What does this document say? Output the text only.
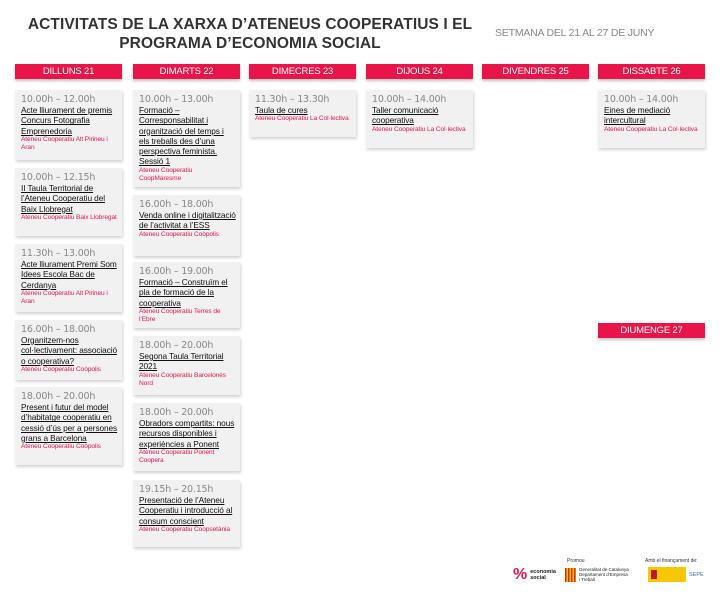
ACTIVITATS DE LA XARXA D’ATENEUS COOPERATIUS I EL
PROGRAMA D’ECONOMIA SOCIAL
SETMANA DEL 21 AL 27 DE JUNY
DILLUNS 21	DIMARTS 22	DIMECRES 23	DIJOUS 24	DIVENDRES 25	DISSABTE 26
DIUMENGE 27
10.00h – 12.00h
Acte lliurament de premis Concurs Fotografia Emprenedoria
Ateneu Cooperatiu Alt Pirineu i Aran
10.00h – 12.15h
II Taula Territorial de l’Ateneu Cooperatiu del Baix Llobregat
Ateneu Cooperatiu Baix Llobregat
11.30h – 13.00h
Acte lliurament Premi Som Idees Escola Bac de Cerdanya
Ateneu Cooperatiu Alt Pirineu i Aran
16.00h – 18.00h
Organitzem-nos col·lectivament: associació o cooperativa?
Ateneu Cooperatiu Coòpolis
18.00h – 20.00h
Present i futur del model d’habitatge cooperatiu en cessió d’ús per a persones grans a Barcelona
Ateneu Cooperatiu Coòpolis
10.00h – 13.00h
Formació – Corresponsabilitat i organització del temps i els treballs des d’una perspectiva feminista. Sessió 1
Ateneu Cooperatiu CoopMaresme
16.00h – 18.00h
Venda online i digitalització de l’activitat a l’ESS
Ateneu Cooperatiu Coòpolis
16.00h – 19.00h
Formació – Construïm el pla de formació de la cooperativa
Ateneu Cooperatiu Terres de l’Ebre
18.00h – 20.00h
Segona Taula Territorial 2021
Ateneu Cooperatiu Barcelonès Nord
18.00h – 20.00h
Obradors compartits: nous recursos disponibles i experiències a Ponent
Ateneu Cooperatiu Ponent Coopera
19.15h – 20.15h
Presentació de l’Ateneu Cooperatiu i introducció al consum conscient
Ateneu Cooperatiu Coopsetània
11.30h – 13.30h
Taula de cures
Ateneu Cooperatiu La Col·lectiva
10.00h – 14.00h
Taller comunicació cooperativa
Ateneu Cooperatiu La Col·lectiva
10.00h – 14.00h
Eines de mediació intercultural
Ateneu Cooperatiu La Col·lectiva
% economia
social
Promou
Generalitat de Catalunya
Departament d’Empresa
i Treball
Amb el finançament de:
SEPE
